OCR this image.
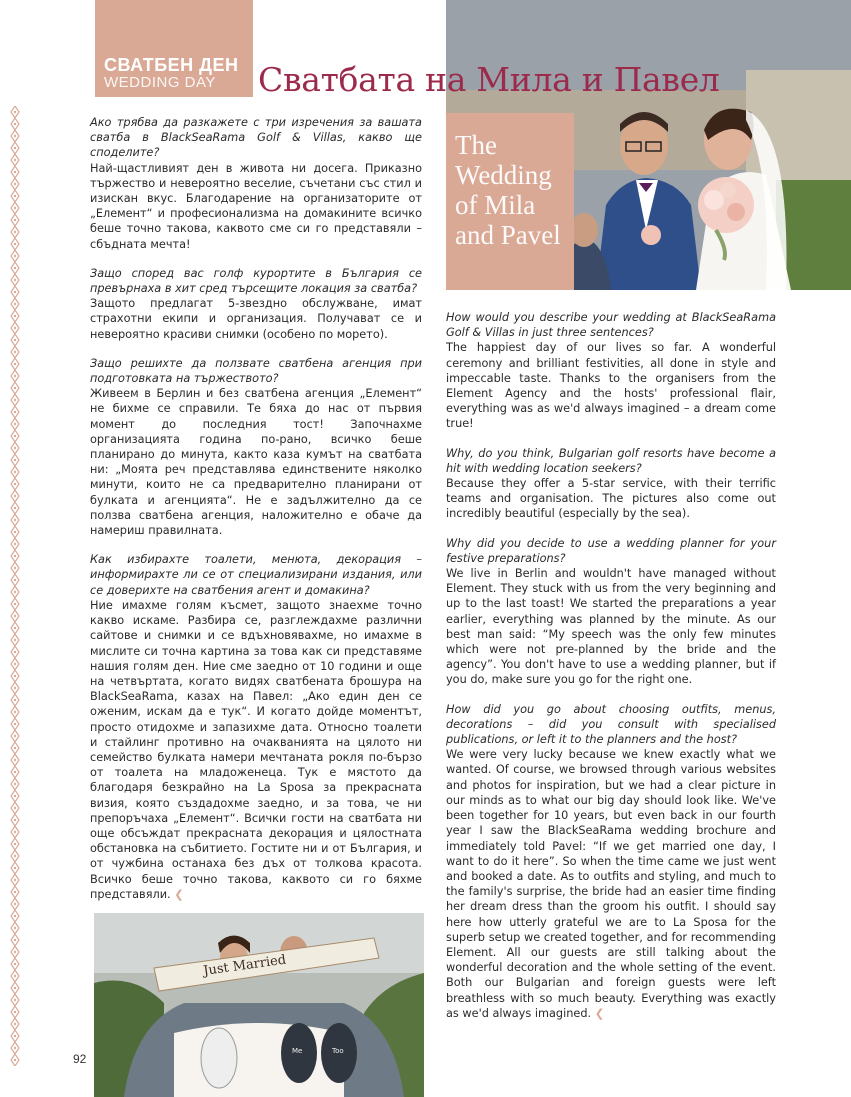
СВАТБЕН ДЕН
WEDDING DAY	Сватбата на Мила и Павел
The Wedding of Mila and Pavel
Ако трябва да разкажете с три изречения за вашата сватба в BlackSeaRama Golf & Villas, какво ще споделите?
Най-щастливият ден в живота ни досега. Приказно тържество и невероятно веселие, съчетани със стил и изискан вкус. Благодарение на организаторите от „Елемент“ и професионализма на домакините всичко беше точно такова, каквото сме си го представяли – сбъдната мечта!
Защо според вас голф курортите в България се превърнаха в хит сред търсещите локация за сватба?
Защото предлагат 5-звездно обслужване, имат страхотни екипи и организация. Получават се и невероятно красиви снимки (особено по морето).
Защо решихте да ползвате сватбена агенция при подготовката на тържеството?
Живеем в Берлин и без сватбена агенция „Елемент“ не бихме се справили. Те бяха до нас от първия момент до последния тост! Започнахме организацията година по-рано, всичко беше планирано до минута, както каза кумът на сватбата ни: „Моята реч представлява единствените няколко минути, които не са предварително планирани от булката и агенцията“. Не е задължително да се ползва сватбена агенция, наложително е обаче да намериш правилната.
Как избирахте тоалети, менюта, декорация – информирахте ли се от специализирани издания, или се доверихте на сватбения агент и домакина?
Ние имахме голям късмет, защото знаехме точно какво искаме. Разбира се, разглеждахме различни сайтове и снимки и се вдъхновявахме, но имахме в мислите си точна картина за това как си представяме нашия голям ден. Ние сме заедно от 10 години и още на четвъртата, когато видях сватбената брошура на BlackSeaRama, казах на Павел: „Ако един ден се оженим, искам да е тук“. И когато дойде моментът, просто отидохме и запазихме дата. Относно тоалети и стайлинг противно на очакванията на цялото ни семейство булката намери мечтаната рокля по-бързо от тоалета на младоженеца. Тук е мястото да благодаря безкрайно на La Sposa за прекрасната визия, която създадохме заедно, и за това, че ни препоръчаха „Елемент“. Всички гости на сватбата ни още обсъждат прекрасната декорация и цялостната обстановка на събитието. Гостите ни и от България, и от чужбина останаха без дъх от толкова красота. Всичко беше точно такова, каквото си го бяхме представяли. ❮
How would you describe your wedding at BlackSeaRama Golf & Villas in just three sentences?
The happiest day of our lives so far. A wonderful ceremony and brilliant festivities, all done in style and impeccable taste. Thanks to the organisers from the Element Agency and the hosts' professional flair, everything was as we'd always imagined – a dream come true!
Why, do you think, Bulgarian golf resorts have become a hit with wedding location seekers?
Because they offer a 5-star service, with their terrific teams and organisation. The pictures also come out incredibly beautiful (especially by the sea).
Why did you decide to use a wedding planner for your festive preparations?
We live in Berlin and wouldn't have managed without Element. They stuck with us from the very beginning and up to the last toast! We started the preparations a year earlier, everything was planned by the minute. As our best man said: “My speech was the only few minutes which were not pre-planned by the bride and the agency”. You don't have to use a wedding planner, but if you do, make sure you go for the right one.
How did you go about choosing outfits, menus, decorations – did you consult with specialised publications, or left it to the planners and the host?
We were very lucky because we knew exactly what we wanted. Of course, we browsed through various websites and photos for inspiration, but we had a clear picture in our minds as to what our big day should look like. We've been together for 10 years, but even back in our fourth year I saw the BlackSeaRama wedding brochure and immediately told Pavel: “If we get married one day, I want to do it here”. So when the time came we just went and booked a date. As to outfits and styling, and much to the family's surprise, the bride had an easier time finding her dream dress than the groom his outfit. I should say here how utterly grateful we are to La Sposa for the superb setup we created together, and for recommending Element. All our guests are still talking about the wonderful decoration and the whole setting of the event. Both our Bulgarian and foreign guests were left breathless with so much beauty. Everything was exactly as we'd always imagined. ❮
Just Married
Me	Too
92
